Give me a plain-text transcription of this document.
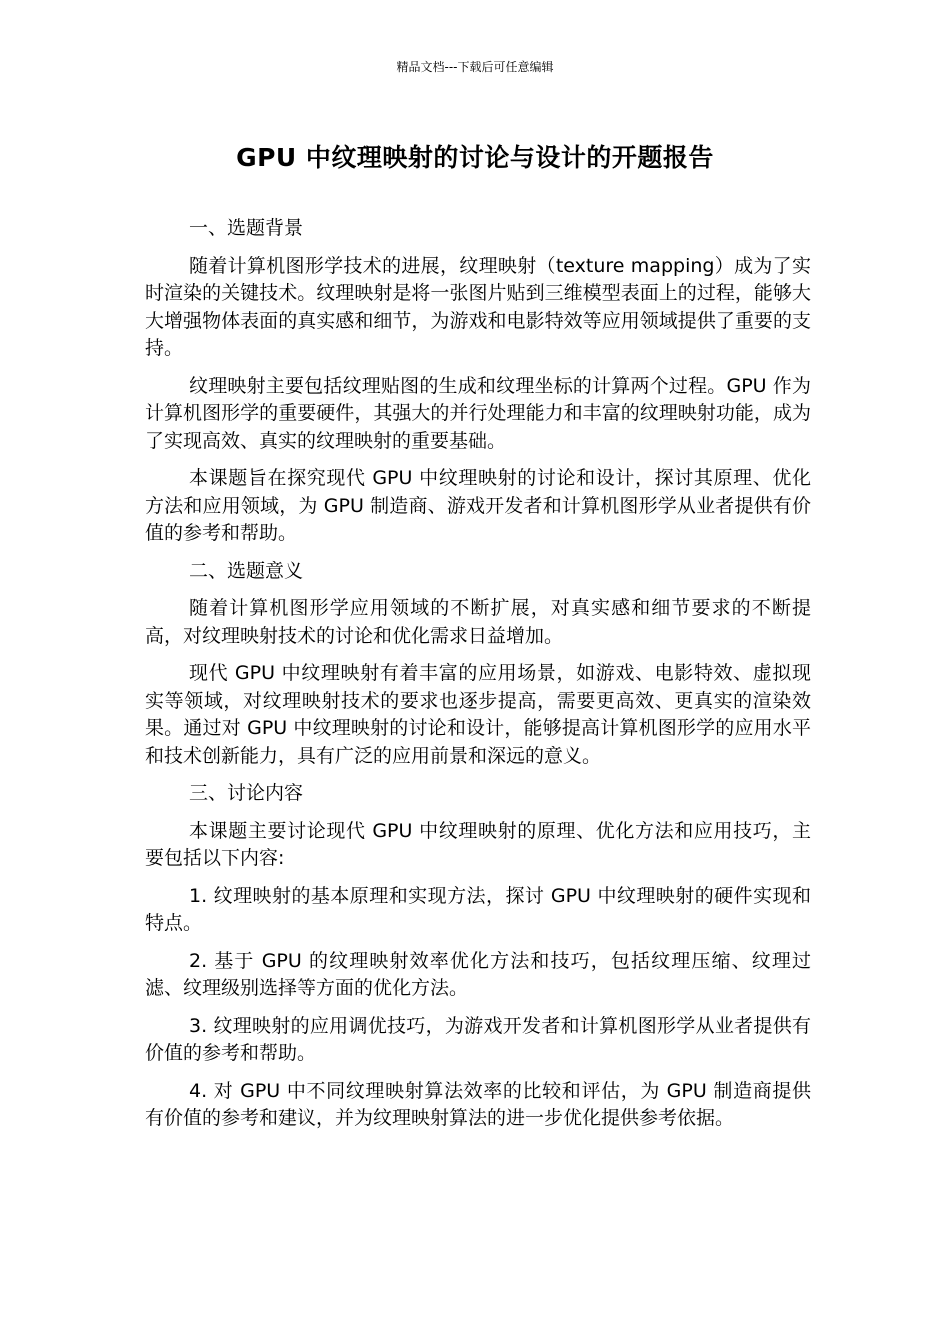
精品文档---下载后可任意编辑
GPU 中纹理映射的讨论与设计的开题报告

一、选题背景

随着计算机图形学技术的进展，纹理映射（texture mapping）成为了实时渲染的关键技术。纹理映射是将一张图片贴到三维模型表面上的过程，能够大大增强物体表面的真实感和细节，为游戏和电影特效等应用领域提供了重要的支持。

纹理映射主要包括纹理贴图的生成和纹理坐标的计算两个过程。GPU 作为计算机图形学的重要硬件，其强大的并行处理能力和丰富的纹理映射功能，成为了实现高效、真实的纹理映射的重要基础。

本课题旨在探究现代 GPU 中纹理映射的讨论和设计，探讨其原理、优化方法和应用领域，为 GPU 制造商、游戏开发者和计算机图形学从业者提供有价值的参考和帮助。

二、选题意义

随着计算机图形学应用领域的不断扩展，对真实感和细节要求的不断提高，对纹理映射技术的讨论和优化需求日益增加。

现代 GPU 中纹理映射有着丰富的应用场景，如游戏、电影特效、虚拟现实等领域，对纹理映射技术的要求也逐步提高，需要更高效、更真实的渲染效果。通过对 GPU 中纹理映射的讨论和设计，能够提高计算机图形学的应用水平和技术创新能力，具有广泛的应用前景和深远的意义。

三、讨论内容

本课题主要讨论现代 GPU 中纹理映射的原理、优化方法和应用技巧，主要包括以下内容:

1. 纹理映射的基本原理和实现方法，探讨 GPU 中纹理映射的硬件实现和特点。

2. 基于 GPU 的纹理映射效率优化方法和技巧，包括纹理压缩、纹理过滤、纹理级别选择等方面的优化方法。

3. 纹理映射的应用调优技巧，为游戏开发者和计算机图形学从业者提供有价值的参考和帮助。

4. 对 GPU 中不同纹理映射算法效率的比较和评估，为 GPU 制造商提供有价值的参考和建议，并为纹理映射算法的进一步优化提供参考依据。
